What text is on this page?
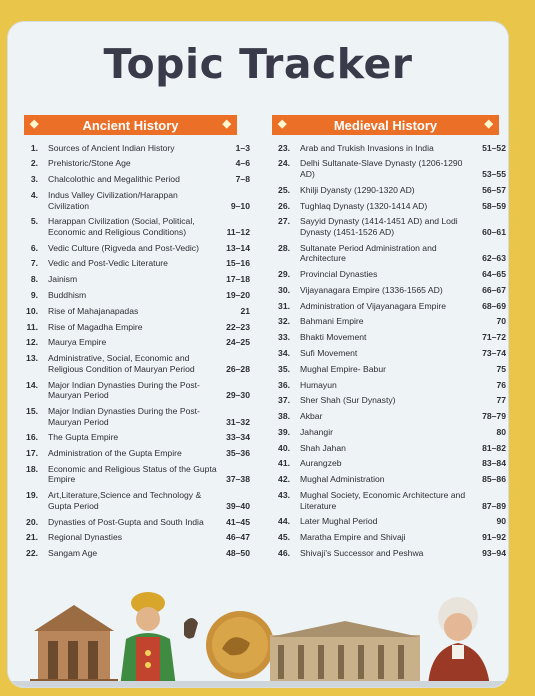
Topic Tracker
◆	Ancient History	◆	◆	Medieval History	◆
1. Sources of Ancient Indian History	1–3
2. Prehistoric/Stone Age	4–6
3. Chalcolothic and Megalithic Period	7–8
4. Indus Valley Civilization/Harappan Civilization	9–10
5. Harappan Civilization (Social, Political, Economic and Religious Conditions)	11–12
6. Vedic Culture (Rigveda and Post-Vedic)	13–14
7. Vedic and Post-Vedic Literature	15–16
8. Jainism	17–18
9. Buddhism	19–20
10. Rise of Mahajanapadas	21
11. Rise of Magadha Empire	22–23
12. Maurya Empire	24–25
13. Administrative, Social, Economic and Religious Condition of Mauryan Period	26–28
14. Major Indian Dynasties During the Post-Mauryan Period	29–30
15. Major Indian Dynasties During the Post-Mauryan Period	31–32
16. The Gupta Empire	33–34
17. Administration of the Gupta Empire	35–36
18. Economic and Religious Status of the Gupta Empire	37–38
19. Art,Literature,Science and Technology & Gupta Period	39–40
20. Dynasties of Post-Gupta and South India	41–45
21. Regional Dynasties	46–47
22. Sangam Age	48–50
23. Arab and Trukish Invasions in India	51–52
24. Delhi Sultanate-Slave Dynasty (1206-1290 AD)	53–55
25. Khilji Dyansty (1290-1320 AD)	56–57
26. Tughlaq Dynasty (1320-1414 AD)	58–59
27. Sayyid Dynasty (1414-1451 AD) and Lodi Dynasty (1451-1526 AD)	60–61
28. Sultanate Period Administration and Architecture	62–63
29. Provincial Dynasties	64–65
30. Vijayanagara Empire (1336-1565 AD)	66–67
31. Administration of Vijayanagara Empire	68–69
32. Bahmani Empire	70
33. Bhakti Movement	71–72
34. Sufi Movement	73–74
35. Mughal Empire- Babur	75
36. Humayun	76
37. Sher Shah (Sur Dynasty)	77
38. Akbar	78–79
39. Jahangir	80
40. Shah Jahan	81–82
41. Aurangzeb	83–84
42. Mughal Administration	85–86
43. Mughal Society, Economic Architecture and Literature	87–89
44. Later Mughal Period	90
45. Maratha Empire and Shivaji	91–92
46. Shivaji's Successor and Peshwa	93–94
